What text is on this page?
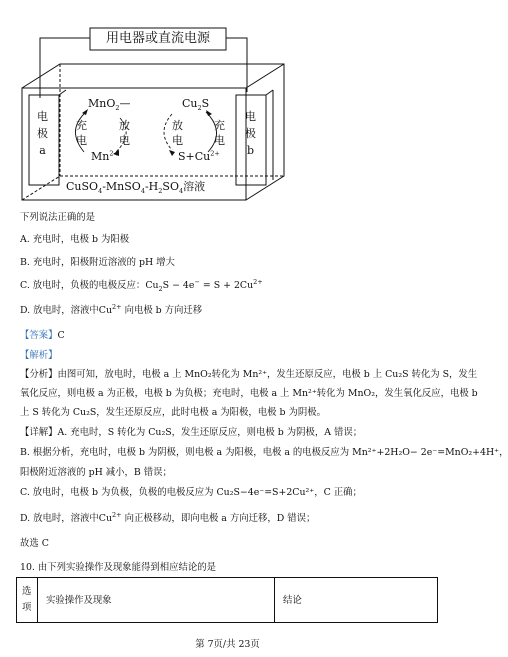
用电器或直流电源
电
极
a
电
极
b
MnO$_2$—
$Mn^{2+}$
充
电
放
电
$Cu_2S$
$S+Cu^{2+}$
放
电
充
电
$CuSO_4-MnSO_4-H_2SO_4$溶液
下列说法正确的是
A. 充电时，电极 b 为阳极
B. 充电时，阳极附近溶液的 pH 增大
C. 放电时，负极的电极反应：$Cu_2S - 4e^- = S + 2Cu^{2+}$
D. 放电时，溶液中$Cu^{2+}$ 向电极 b 方向迁移
【答案】C
【解析】
【分析】由图可知，放电时，电极 a 上 MnO₂转化为 Mn²⁺，发生还原反应，电极 b 上 Cu₂S 转化为 S，发生
氧化反应，则电极 a 为正极，电极 b 为负极；充电时，电极 a 上 Mn²⁺转化为 MnO₂，发生氧化反应，电极 b
上 S 转化为 Cu₂S，发生还原反应，此时电极 a 为阳极，电极 b 为阴极。
【详解】A. 充电时，S 转化为 Cu₂S，发生还原反应，则电极 b 为阴极，A 错误；
B. 根据分析，充电时，电极 b 为阴极，则电极 a 为阳极，电极 a 的电极反应为 Mn²⁺+2H₂O− 2e⁻=MnO₂+4H⁺，
阳极附近溶液的 pH 减小，B 错误；
C. 放电时，电极 b 为负极，负极的电极反应为 Cu₂S−4e⁻=S+2Cu²⁺，C 正确；
D. 放电时，溶液中$Cu^{2+}$ 向正极移动，即向电极 a 方向迁移，D 错误；
故选 C
10. 由下列实验操作及现象能得到相应结论的是
选
项
实验操作及现象	结论
第 7页/共 23页
